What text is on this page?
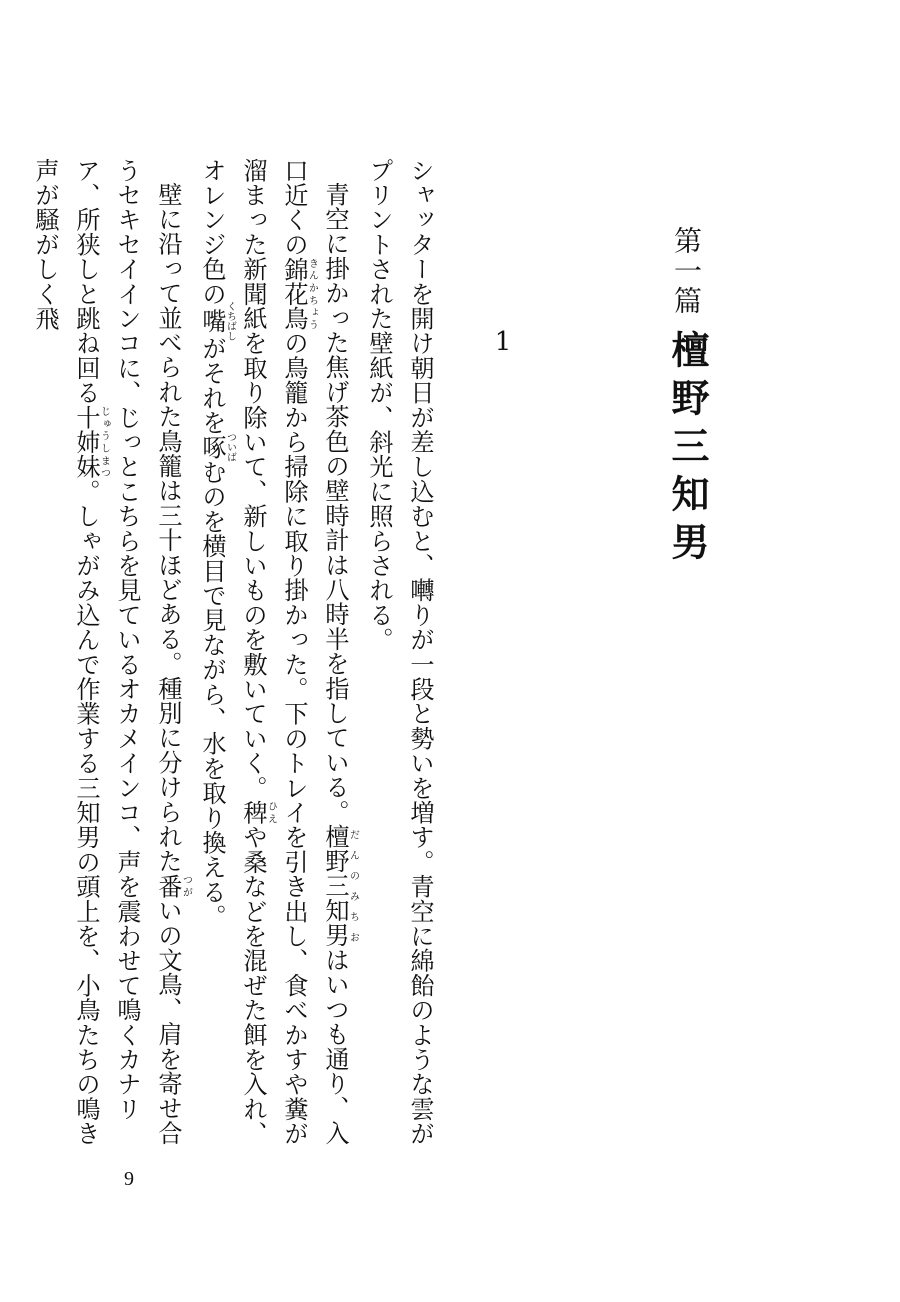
第一篇
檀野三知男
1

シャッターを開け朝日が差し込むと、囀りが一段と勢いを増す。青空に綿飴のような雲がプリントされた壁紙が、斜光に照らされる。

青空に掛かった焦げ茶色の壁時計は八時半を指している。檀野三知男だんのみちおはいつも通り、入口近くの錦花鳥きんかちょうの鳥籠から掃除に取り掛かった。下のトレイを引き出し、食べかすや糞が溜まった新聞紙を取り除いて、新しいものを敷いていく。稗ひえや桑などを混ぜた餌を入れ、オレンジ色の嘴くちばしがそれを啄ついばむのを横目で見ながら、水を取り換える。

壁に沿って並べられた鳥籠は三十ほどある。種別に分けられた番つがいの文鳥、肩を寄せ合うセキセイインコに、じっとこちらを見ているオカメインコ、声を震わせて鳴くカナリア、所狭しと跳ね回る十姉妹じゅうしまつ。しゃがみ込んで作業する三知男の頭上を、小鳥たちの鳴き声が騒がしく飛

9
